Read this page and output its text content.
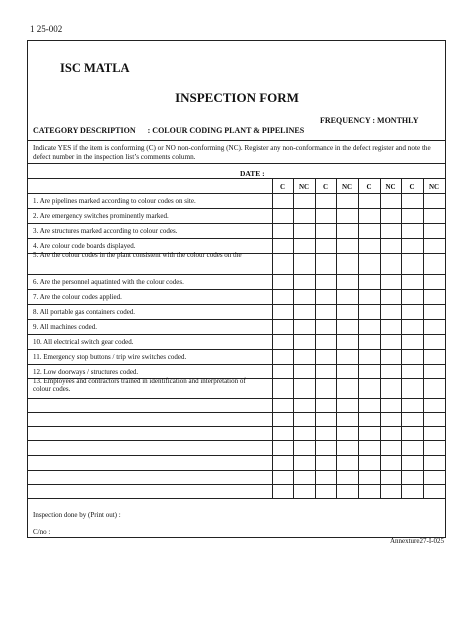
1 25-002
ISC MATLA
INSPECTION FORM
FREQUENCY : MONTHLY
CATEGORY DESCRIPTION : COLOUR CODING PLANT & PIPELINES
Indicate YES if the item is conforming (C) or NO non-conforming (NC). Register any non-conformance in the defect register and note the defect number in the inspection list’s comments column.
DATE :
C	NC	C	NC	C	NC	C	NC
1. Are pipelines marked according to colour codes on site.
2. Are emergency switches prominently marked.
3. Are structures marked according to colour codes.
4. Are colour code boards displayed.
5. Are the colour codes in the plant consistent with the colour codes on the
6. Are the personnel aquatinted with the colour codes.
7. Are the colour codes applied.
8. All portable gas containers coded.
9. All machines coded.
10. All electrical switch gear coded.
11. Emergency stop buttons / trip wire switches coded.
12. Low doorways / structures coded.
13. Employees and contractors trained in identification and interpretation of colour codes.
Inspection done by (Print out) :
C/no :
Annexture27-I-025
